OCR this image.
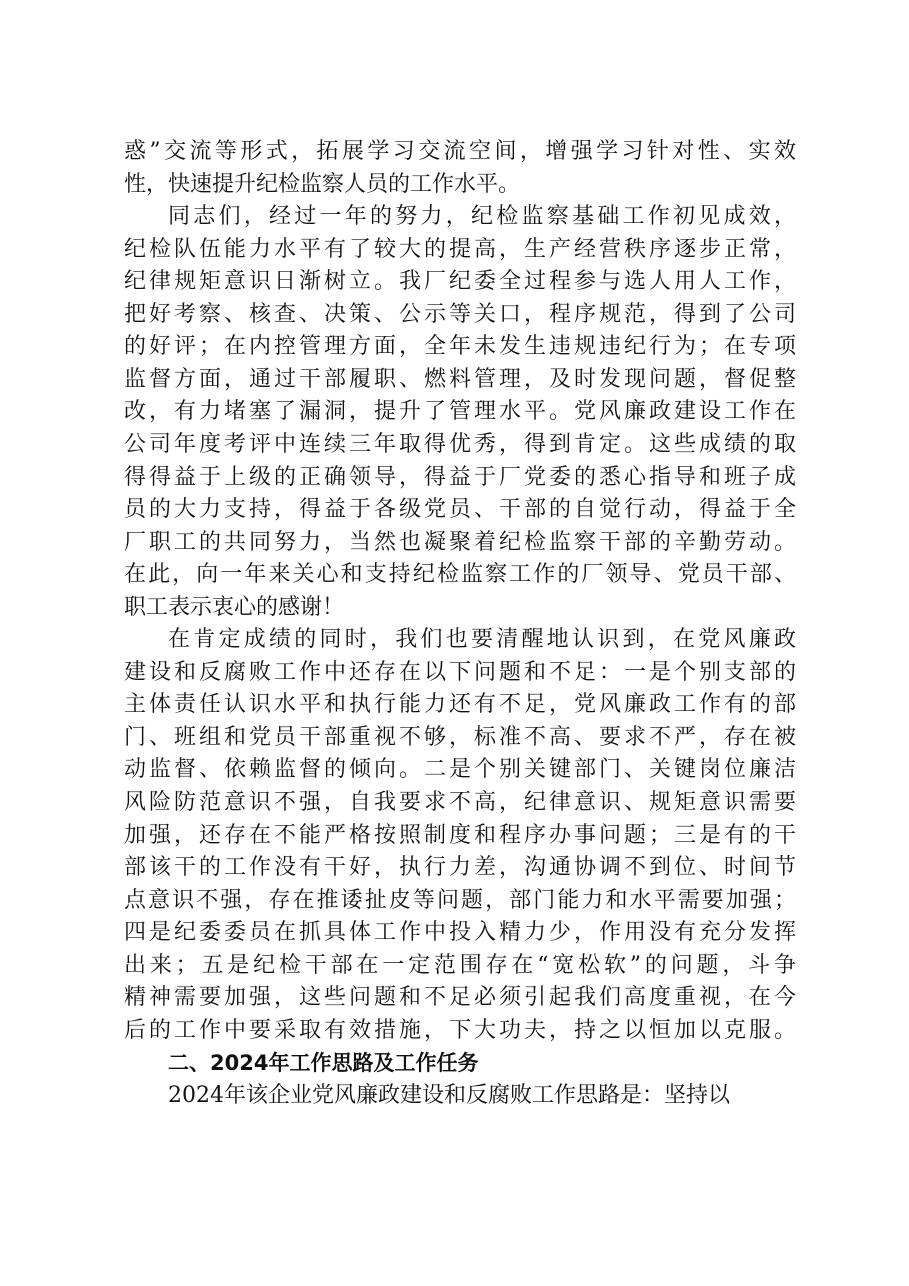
惑”交流等形式，拓展学习交流空间，增强学习针对性、实效
性，快速提升纪检监察人员的工作水平。
同志们，经过一年的努力，纪检监察基础工作初见成效，
纪检队伍能力水平有了较大的提高，生产经营秩序逐步正常，
纪律规矩意识日渐树立。我厂纪委全过程参与选人用人工作，
把好考察、核查、决策、公示等关口，程序规范，得到了公司
的好评；在内控管理方面，全年未发生违规违纪行为；在专项
监督方面，通过干部履职、燃料管理，及时发现问题，督促整
改，有力堵塞了漏洞，提升了管理水平。党风廉政建设工作在
公司年度考评中连续三年取得优秀，得到肯定。这些成绩的取
得得益于上级的正确领导，得益于厂党委的悉心指导和班子成
员的大力支持，得益于各级党员、干部的自觉行动，得益于全
厂职工的共同努力，当然也凝聚着纪检监察干部的辛勤劳动。
在此，向一年来关心和支持纪检监察工作的厂领导、党员干部、
职工表示衷心的感谢！
在肯定成绩的同时，我们也要清醒地认识到，在党风廉政
建设和反腐败工作中还存在以下问题和不足：一是个别支部的
主体责任认识水平和执行能力还有不足，党风廉政工作有的部
门、班组和党员干部重视不够，标准不高、要求不严，存在被
动监督、依赖监督的倾向。二是个别关键部门、关键岗位廉洁
风险防范意识不强，自我要求不高，纪律意识、规矩意识需要
加强，还存在不能严格按照制度和程序办事问题；三是有的干
部该干的工作没有干好，执行力差，沟通协调不到位、时间节
点意识不强，存在推诿扯皮等问题，部门能力和水平需要加强；
四是纪委委员在抓具体工作中投入精力少，作用没有充分发挥
出来；五是纪检干部在一定范围存在“宽松软”的问题，斗争
精神需要加强，这些问题和不足必须引起我们高度重视，在今
后的工作中要采取有效措施，下大功夫，持之以恒加以克服。
二、2024年工作思路及工作任务
2024年该企业党风廉政建设和反腐败工作思路是：坚持以
